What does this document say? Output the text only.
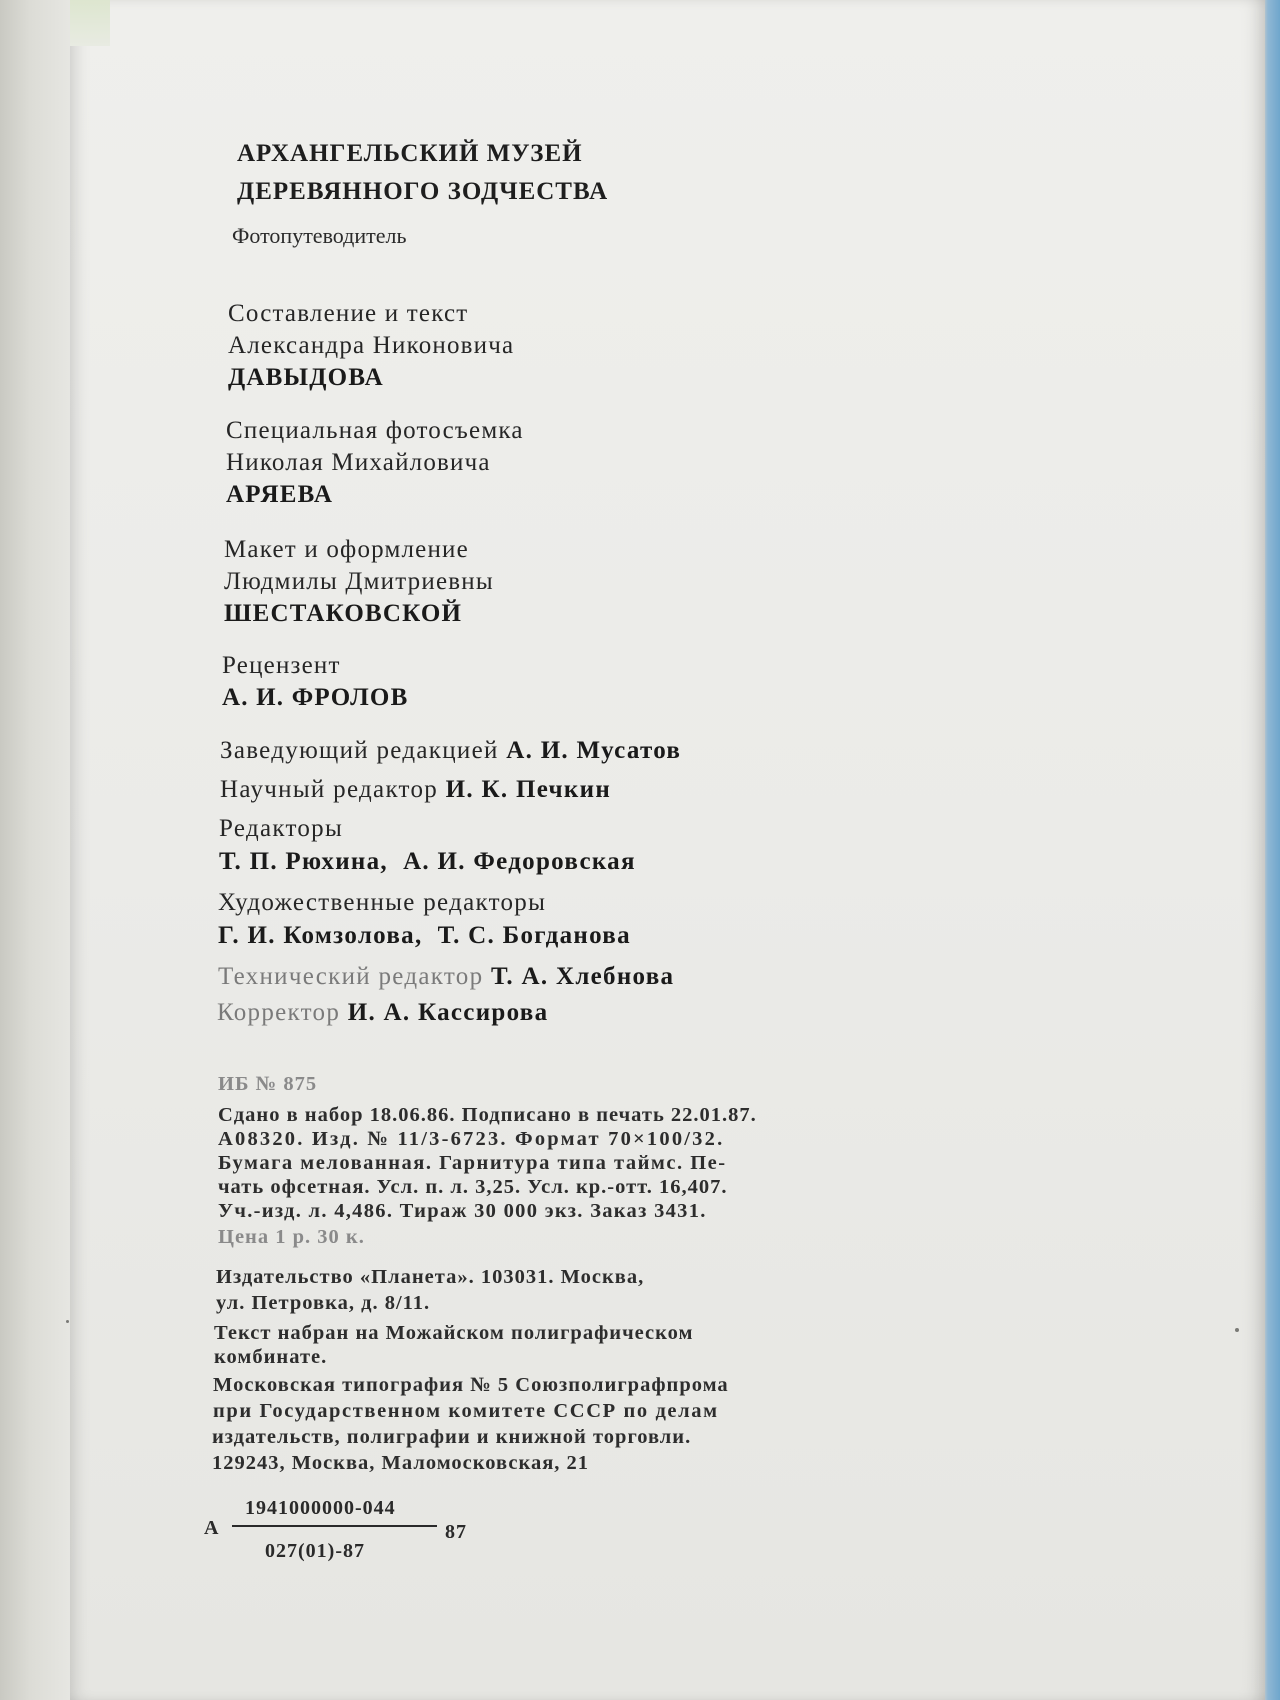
АРХАНГЕЛЬСКИЙ МУЗЕЙ
ДЕРЕВЯННОГО ЗОДЧЕСТВА
Фотопутеводитель
Составление и текст
Александра Никоновича
ДАВЫДОВА
Специальная фотосъемка
Николая Михайловича
АРЯЕВА
Макет и оформление
Людмилы Дмитриевны
ШЕСТАКОВСКОЙ
Рецензент
А. И. ФРОЛОВ
Заведующий редакцией А. И. Мусатов
Научный редактор И. К. Печкин
Редакторы
Т. П. Рюхина,  А. И. Федоровская
Художественные редакторы
Г. И. Комзолова,  Т. С. Богданова
Технический редактор Т. А. Хлебнова
Корректор И. А. Кассирова
ИБ № 875
Сдано в набор 18.06.86. Подписано в печать 22.01.87.
А08320. Изд. № 11/3-6723. Формат 70×100/32.
Бумага мелованная. Гарнитура типа таймс. Пе-
чать офсетная. Усл. п. л. 3,25. Усл. кр.-отт. 16,407.
Уч.-изд. л. 4,486. Тираж 30 000 экз. Заказ 3431.
Цена 1 р. 30 к.
Издательство «Планета». 103031. Москва,
ул. Петровка, д. 8/11.
Текст набран на Можайском полиграфическом
комбинате.
Московская типография № 5 Союзполиграфпрома
при Государственном комитете СССР по делам
издательств, полиграфии и книжной торговли.
129243, Москва, Маломосковская, 21
А
1941000000-044
027(01)-87
87
